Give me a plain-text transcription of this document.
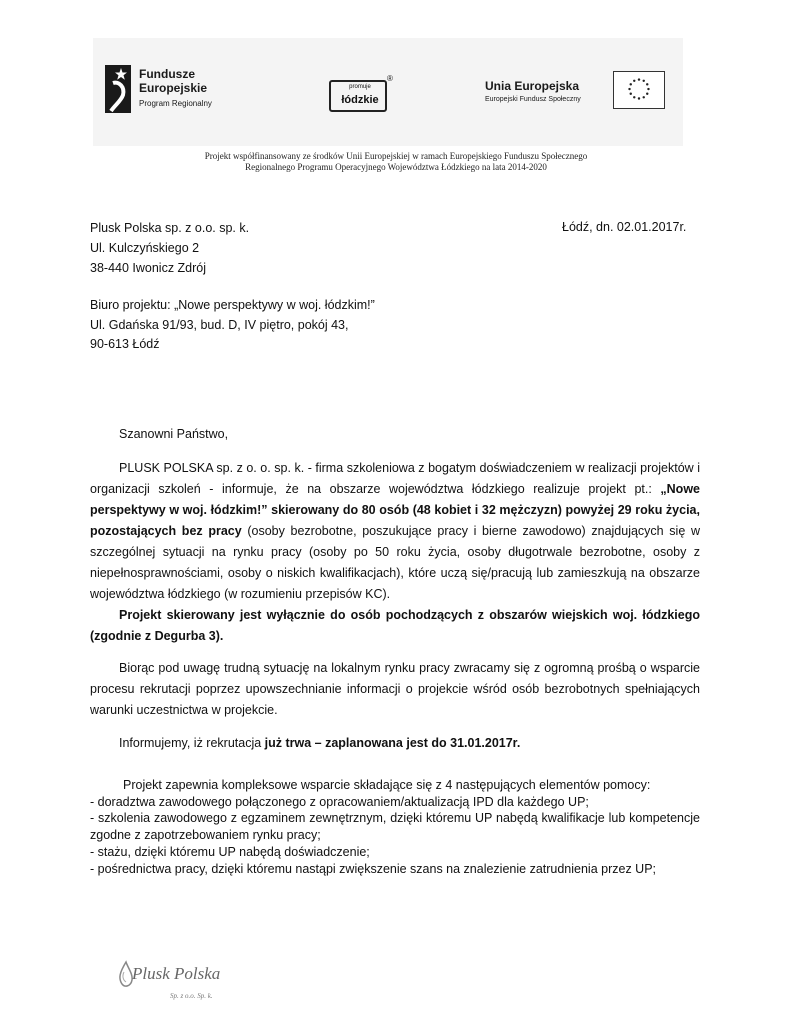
Fundusze
Europejskie
Program Regionalny
promuje
łódzkie
®
Unia Europejska
Europejski Fundusz Społeczny
Projekt współfinansowany ze środków Unii Europejskiej w ramach Europejskiego Funduszu Społecznego
Regionalnego Programu Operacyjnego Województwa Łódzkiego na lata 2014-2020
Plusk Polska sp. z o.o. sp. k.
Ul. Kulczyńskiego 2
38-440 Iwonicz Zdrój
Łódź, dn. 02.01.2017r.
Biuro projektu: „Nowe perspektywy w woj. łódzkim!”
Ul. Gdańska 91/93, bud. D, IV piętro, pokój 43,
90-613 Łódź
Szanowni Państwo,

PLUSK POLSKA sp. z o. o. sp. k. - firma szkoleniowa z bogatym doświadczeniem w realizacji projektów i organizacji szkoleń - informuje, że na obszarze województwa łódzkiego realizuje projekt pt.: „Nowe perspektywy w woj. łódzkim!” skierowany do 80 osób (48 kobiet i 32 mężczyzn) powyżej 29 roku życia, pozostających bez pracy (osoby bezrobotne, poszukujące pracy i bierne zawodowo) znajdujących się w szczególnej sytuacji na rynku pracy (osoby po 50 roku życia, osoby długotrwale bezrobotne, osoby z niepełnosprawnościami, osoby o niskich kwalifikacjach), które uczą się/pracują lub zamieszkują na obszarze województwa łódzkiego (w rozumieniu przepisów KC).

Projekt skierowany jest wyłącznie do osób pochodzących z obszarów wiejskich woj. łódzkiego (zgodnie z Degurba 3).

Biorąc pod uwagę trudną sytuację na lokalnym rynku pracy zwracamy się z ogromną prośbą o wsparcie procesu rekrutacji poprzez upowszechnianie informacji o projekcie wśród osób bezrobotnych spełniających warunki uczestnictwa w projekcie.

Informujemy, iż rekrutacja już trwa – zaplanowana jest do 31.01.2017r.

Projekt zapewnia kompleksowe wsparcie składające się z 4 następujących elementów pomocy:
- doradztwa zawodowego połączonego z opracowaniem/aktualizacją IPD dla każdego UP;
- szkolenia zawodowego z egzaminem zewnętrznym, dzięki któremu UP nabędą kwalifikacje lub kompetencje zgodne z zapotrzebowaniem rynku pracy;
- stażu, dzięki któremu UP nabędą doświadczenie;
- pośrednictwa pracy, dzięki któremu nastąpi zwiększenie szans na znalezienie zatrudnienia przez UP;
Plusk Polska
Sp. z o.o. Sp. k.
